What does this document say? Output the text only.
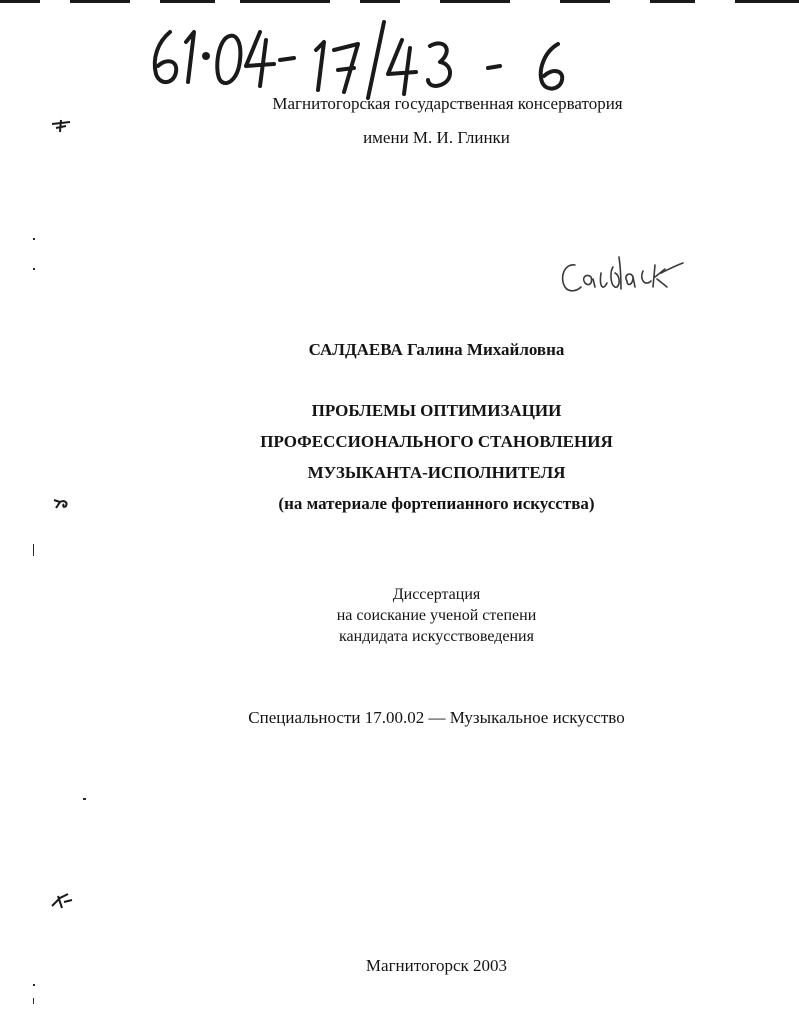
Магнитогорская государственная консерватория
имени М. И. Глинки
САЛДАЕВА Галина Михайловна
ПРОБЛЕМЫ ОПТИМИЗАЦИИ
ПРОФЕССИОНАЛЬНОГО СТАНОВЛЕНИЯ
МУЗЫКАНТА-ИСПОЛНИТЕЛЯ
(на материале фортепианного искусства)
Диссертация
на соискание ученой степени
кандидата искусствоведения
Специальности 17.00.02 — Музыкальное искусство
Магнитогорск 2003
